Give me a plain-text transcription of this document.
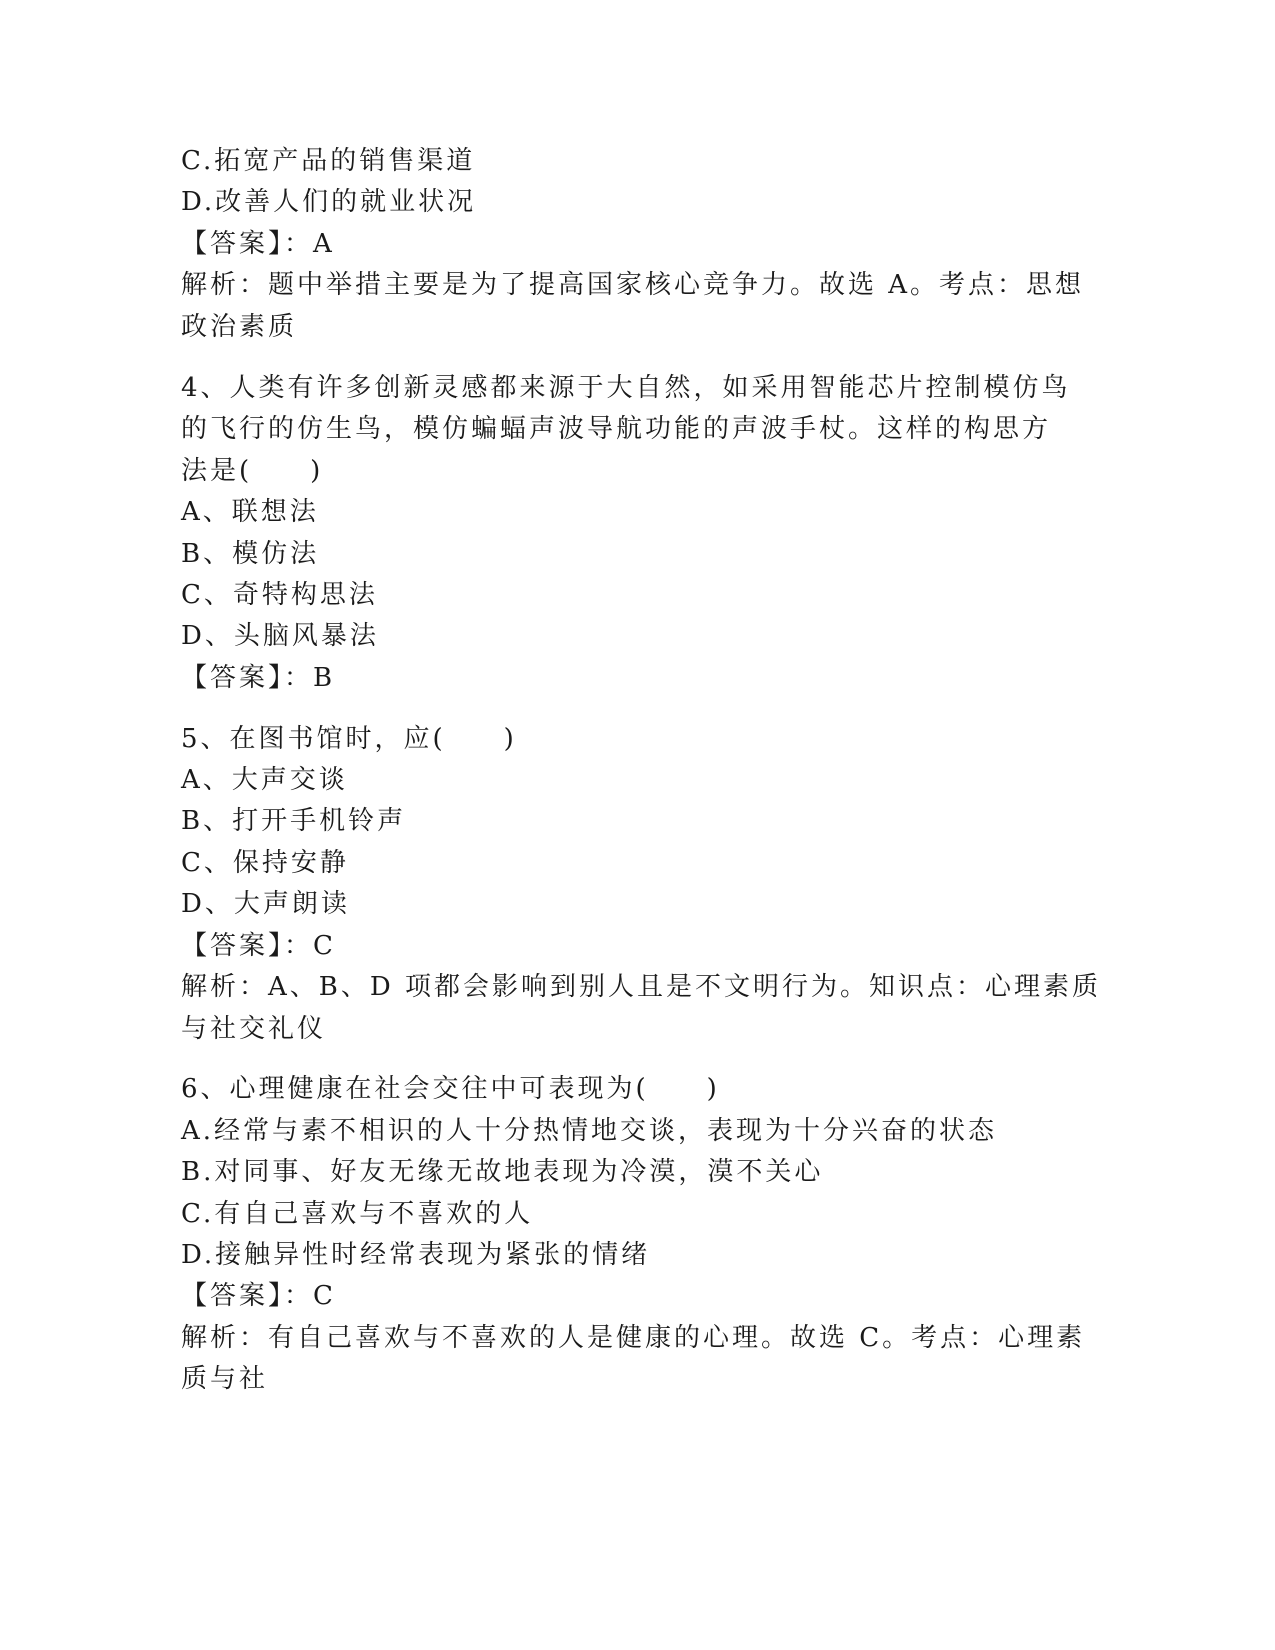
C.拓宽产品的销售渠道
D.改善人们的就业状况
【答案】：A
解析：题中举措主要是为了提高国家核心竞争力。故选 A。考点：思想
政治素质
4、人类有许多创新灵感都来源于大自然，如采用智能芯片控制模仿鸟
的飞行的仿生鸟，模仿蝙蝠声波导航功能的声波手杖。这样的构思方
法是(　　)
A、联想法
B、模仿法
C、奇特构思法
D、头脑风暴法
【答案】：B
5、在图书馆时，应(　　)
A、大声交谈
B、打开手机铃声
C、保持安静
D、大声朗读
【答案】：C
解析：A、B、D 项都会影响到别人且是不文明行为。知识点：心理素质
与社交礼仪
6、心理健康在社会交往中可表现为(　　)
A.经常与素不相识的人十分热情地交谈，表现为十分兴奋的状态
B.对同事、好友无缘无故地表现为冷漠，漠不关心
C.有自己喜欢与不喜欢的人
D.接触异性时经常表现为紧张的情绪
【答案】：C
解析：有自己喜欢与不喜欢的人是健康的心理。故选 C。考点：心理素
质与社
